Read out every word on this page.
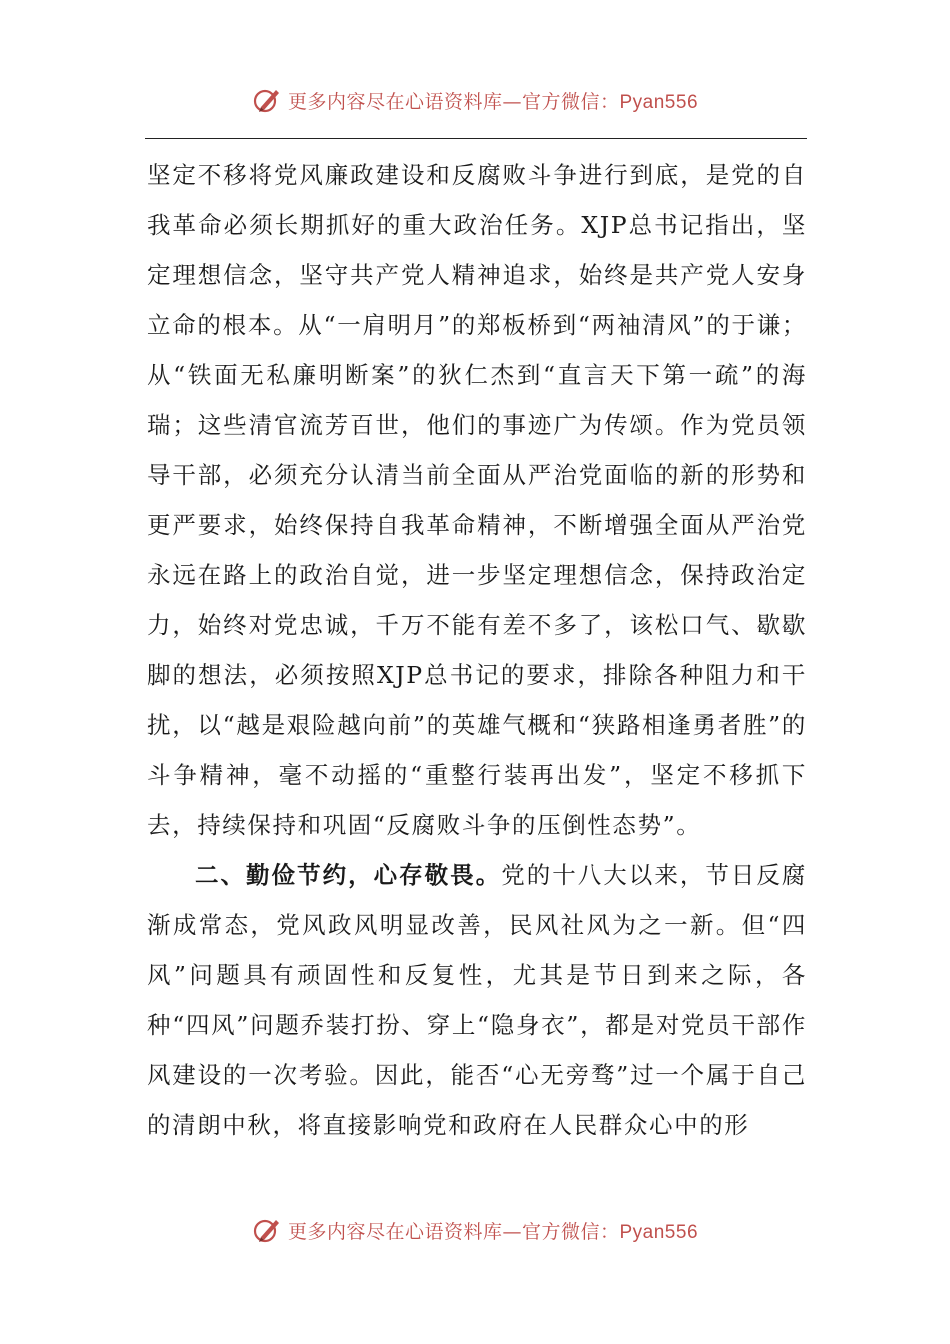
更多内容尽在心语资料库—官方微信：Pyan556

坚定不移将党风廉政建设和反腐败斗争进行到底，是党的自我革命必须长期抓好的重大政治任务。XJP总书记指出，坚定理想信念，坚守共产党人精神追求，始终是共产党人安身立命的根本。从“一肩明月”的郑板桥到“两袖清风”的于谦；从“铁面无私廉明断案”的狄仁杰到“直言天下第一疏”的海瑞；这些清官流芳百世，他们的事迹广为传颂。作为党员领导干部，必须充分认清当前全面从严治党面临的新的形势和更严要求，始终保持自我革命精神，不断增强全面从严治党永远在路上的政治自觉，进一步坚定理想信念，保持政治定力，始终对党忠诚，千万不能有差不多了，该松口气、歇歇脚的想法，必须按照XJP总书记的要求，排除各种阻力和干扰，以“越是艰险越向前”的英雄气概和“狭路相逢勇者胜”的斗争精神，毫不动摇的“重整行装再出发”，坚定不移抓下去，持续保持和巩固“反腐败斗争的压倒性态势”。

二、勤俭节约，心存敬畏。党的十八大以来，节日反腐渐成常态，党风政风明显改善，民风社风为之一新。但“四风”问题具有顽固性和反复性，尤其是节日到来之际，各种“四风”问题乔装打扮、穿上“隐身衣”，都是对党员干部作风建设的一次考验。因此，能否“心无旁骛”过一个属于自己的清朗中秋，将直接影响党和政府在人民群众心中的形

更多内容尽在心语资料库—官方微信：Pyan556
